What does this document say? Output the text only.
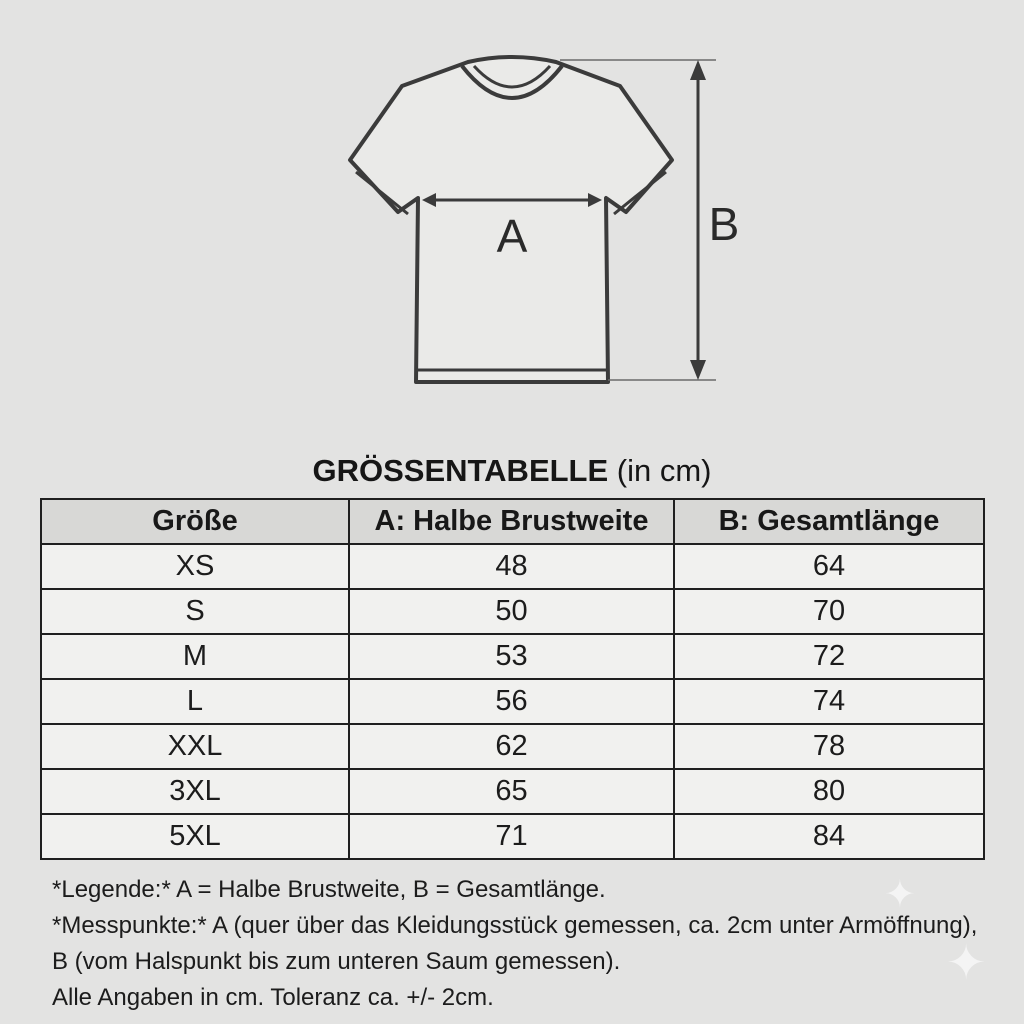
A	B
GRÖSSENTABELLE (in cm)
Größe	A: Halbe Brustweite	B: Gesamtlänge
XS	48	64
S	50	70
M	53	72
L	56	74
XXL	62	78
3XL	65	80
5XL	71	84

*Legende:* A = Halbe Brustweite, B = Gesamtlänge.

*Messpunkte:* A (quer über das Kleidungsstück gemessen, ca. 2cm unter Armöffnung), B (vom Halspunkt bis zum unteren Saum gemessen).

Alle Angaben in cm. Toleranz ca. +/- 2cm.

✦
✦
